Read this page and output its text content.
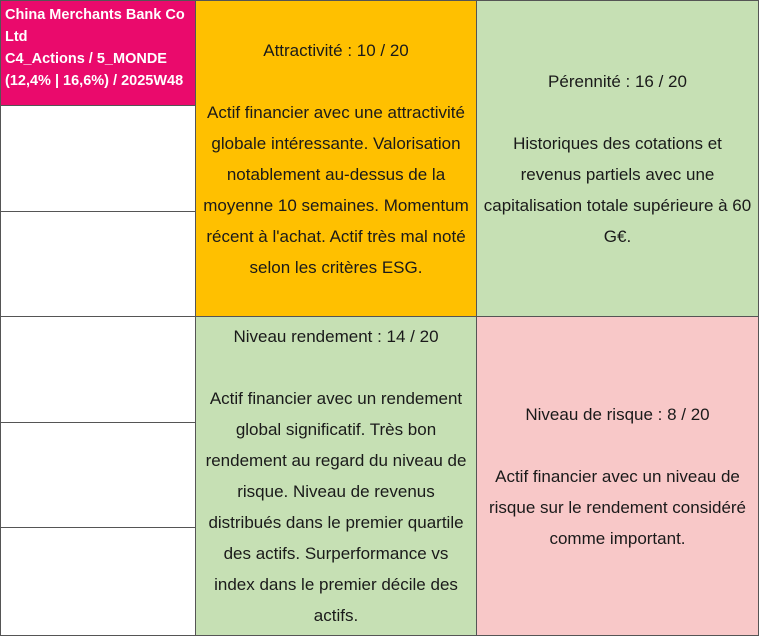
China Merchants Bank Co
Ltd
C4_Actions / 5_MONDE
(12,4% | 16,6%) / 2025W48

Attractivité : 10 / 20

Actif financier avec une attractivité globale intéressante. Valorisation notablement au-dessus de la moyenne 10 semaines. Momentum récent à l'achat. Actif très mal noté selon les critères ESG.

Pérennité : 16 / 20

Historiques des cotations et revenus partiels avec une capitalisation totale supérieure à 60 G€.

Niveau rendement : 14 / 20

Actif financier avec un rendement global significatif. Très bon rendement au regard du niveau de risque. Niveau de revenus distribués dans le premier quartile des actifs. Surperformance vs index dans le premier décile des actifs.

Niveau de risque : 8 / 20

Actif financier avec un niveau de risque sur le rendement considéré comme important.
